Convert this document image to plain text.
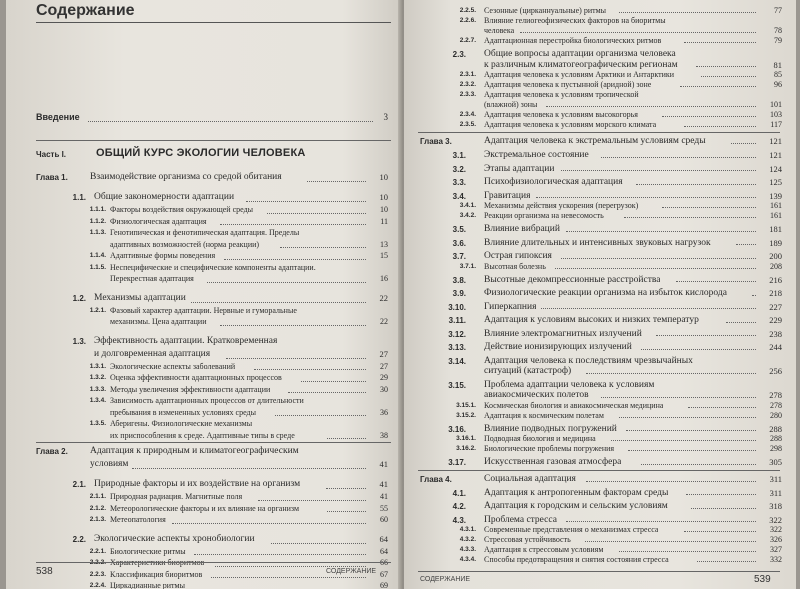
Содержание
Введение	3
Часть I.	ОБЩИЙ КУРС ЭКОЛОГИИ ЧЕЛОВЕКА
Глава 1.	Взаимодействие организма со средой обитания	10
1.1. Общие закономерности адаптации	10
1.1.1. Факторы воздействия окружающей среды	10
1.1.2. Физиологическая адаптация	11
1.1.3. Генотипическая и фенотипическая адаптация. Пределы
адаптивных возможностей (норма реакции)	13
1.1.4. Адаптивные формы поведения	15
1.1.5. Неспецифические и специфические компоненты адаптации.
Перекрестная адаптация	16
1.2. Механизмы адаптации	22
1.2.1. Фазовый характер адаптации. Нервные и гуморальные
механизмы. Цена адаптации	22
1.3. Эффективность адаптации. Кратковременная
и долговременная адаптация	27
1.3.1. Экологические аспекты заболеваний	27
1.3.2. Оценка эффективности адаптационных процессов	29
1.3.3. Методы увеличения эффективности адаптации	30
1.3.4. Зависимость адаптационных процессов от длительности
пребывания в измененных условиях среды	36
1.3.5. Аберигены. Физиологические механизмы
их приспособления к среде. Адаптивные типы в среде	38
Глава 2.	Адаптация к природным и климатогеографическим
условиям	41
2.1. Природные факторы и их воздействие на организм	41
2.1.1. Природная радиация. Магнитные поля	41
2.1.2. Метеорологические факторы и их влияние на организм	55
2.1.3. Метеопатология	60
2.2. Экологические аспекты хронобиологии	64
2.2.1. Биологические ритмы	64
2.2.2. Характеристики биоритмов	66
2.2.3. Классификация биоритмов	67
2.2.4. Циркадианные ритмы	69
538	СОДЕРЖАНИЕ
2.2.5. Сезонные (цирканнуальные) ритмы	77
2.2.6. Влияние гелиогеофизических факторов на биоритмы
человека	78
2.2.7. Адаптационная перестройка биологических ритмов	79
2.3. Общие вопросы адаптации организма человека
к различным климатогеографическим регионам	81
2.3.1. Адаптация человека к условиям Арктики и Антарктики	85
2.3.2. Адаптация человека к пустынной (аридной) зоне	96
2.3.3. Адаптация человека к условиям тропической
(влажной) зоны	101
2.3.4. Адаптация человека к условиям высокогорья	103
2.3.5. Адаптация человека к условиям морского климата	117
Глава 3.	Адаптация человека к экстремальным условиям среды	121
3.1. Экстремальное состояние	121
3.2. Этапы адаптации	124
3.3. Психофизиологическая адаптация	125
3.4. Гравитация	139
3.4.1. Механизмы действия ускорения (перегрузок)	161
3.4.2. Реакции организма на невесомость	161
3.5. Влияние вибраций	181
3.6. Влияние длительных и интенсивных звуковых нагрузок	189
3.7. Острая гипоксия	200
3.7.1. Высотная болезнь	208
3.8. Высотные декомпрессионные расстройства	216
3.9. Физиологические реакции организма на избыток кислорода	218
3.10. Гиперкапния	227
3.11. Адаптация к условиям высоких и низких температур	229
3.12. Влияние электромагнитных излучений	238
3.13. Действие ионизирующих излучений	244
3.14. Адаптация человека к последствиям чрезвычайных
ситуаций (катастроф)	256
3.15. Проблема адаптации человека к условиям
авиакосмических полетов	278
3.15.1. Космическая биология и авиакосмическая медицина	278
3.15.2. Адаптация к космическим полетам	280
3.16. Влияние подводных погружений	288
3.16.1. Подводная биология и медицина	288
3.16.2. Биологические проблемы погружения	298
3.17. Искусственная газовая атмосфера	305
Глава 4.	Социальная адаптация	311
4.1. Адаптация к антропогенным факторам среды	311
4.2. Адаптация к городским и сельским условиям	318
4.3. Проблема стресса	322
4.3.1. Современные представления о механизмах стресса	322
4.3.2. Стрессовая устойчивость	326
4.3.3. Адаптация к стрессовым условиям	327
4.3.4. Способы предотвращения и снятия состояния стресса	332
СОДЕРЖАНИЕ	539
